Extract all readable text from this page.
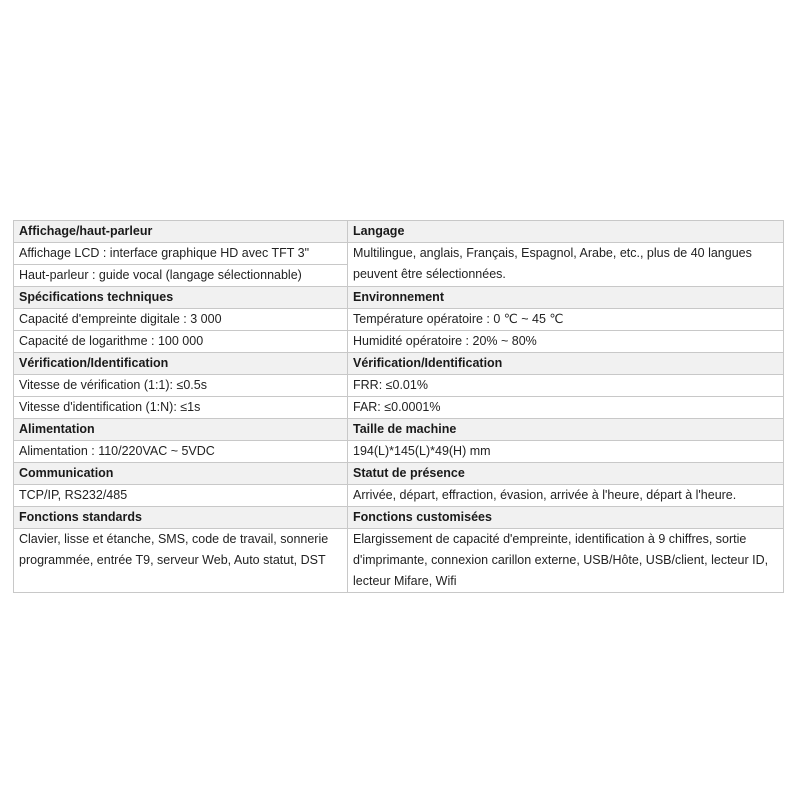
Affichage/haut-parleur	Langage
Affichage LCD : interface graphique HD avec TFT 3"	Multilingue, anglais, Français, Espagnol, Arabe, etc., plus de 40 langues peuvent être sélectionnées.
Haut-parleur : guide vocal (langage sélectionnable)	
Spécifications techniques	Environnement
Capacité d'empreinte digitale : 3 000	Température opératoire : 0 ℃ ~ 45 ℃
Capacité de logarithme : 100 000	Humidité opératoire : 20% ~ 80%
Vérification/Identification	Vérification/Identification
Vitesse de vérification (1:1): ≤0.5s	FRR: ≤0.01%
Vitesse d'identification (1:N): ≤1s	FAR: ≤0.0001%
Alimentation	Taille de machine
Alimentation : 110/220VAC ~ 5VDC	194(L)*145(L)*49(H) mm
Communication	Statut de présence
TCP/IP, RS232/485	Arrivée, départ, effraction, évasion, arrivée à l'heure, départ à l'heure.
Fonctions standards	Fonctions customisées
Clavier, lisse et étanche, SMS, code de travail, sonnerie programmée, entrée T9, serveur Web, Auto statut, DST	Elargissement de capacité d'empreinte, identification à 9 chiffres, sortie d'imprimante, connexion carillon externe, USB/Hôte, USB/client, lecteur ID, lecteur Mifare, Wifi
